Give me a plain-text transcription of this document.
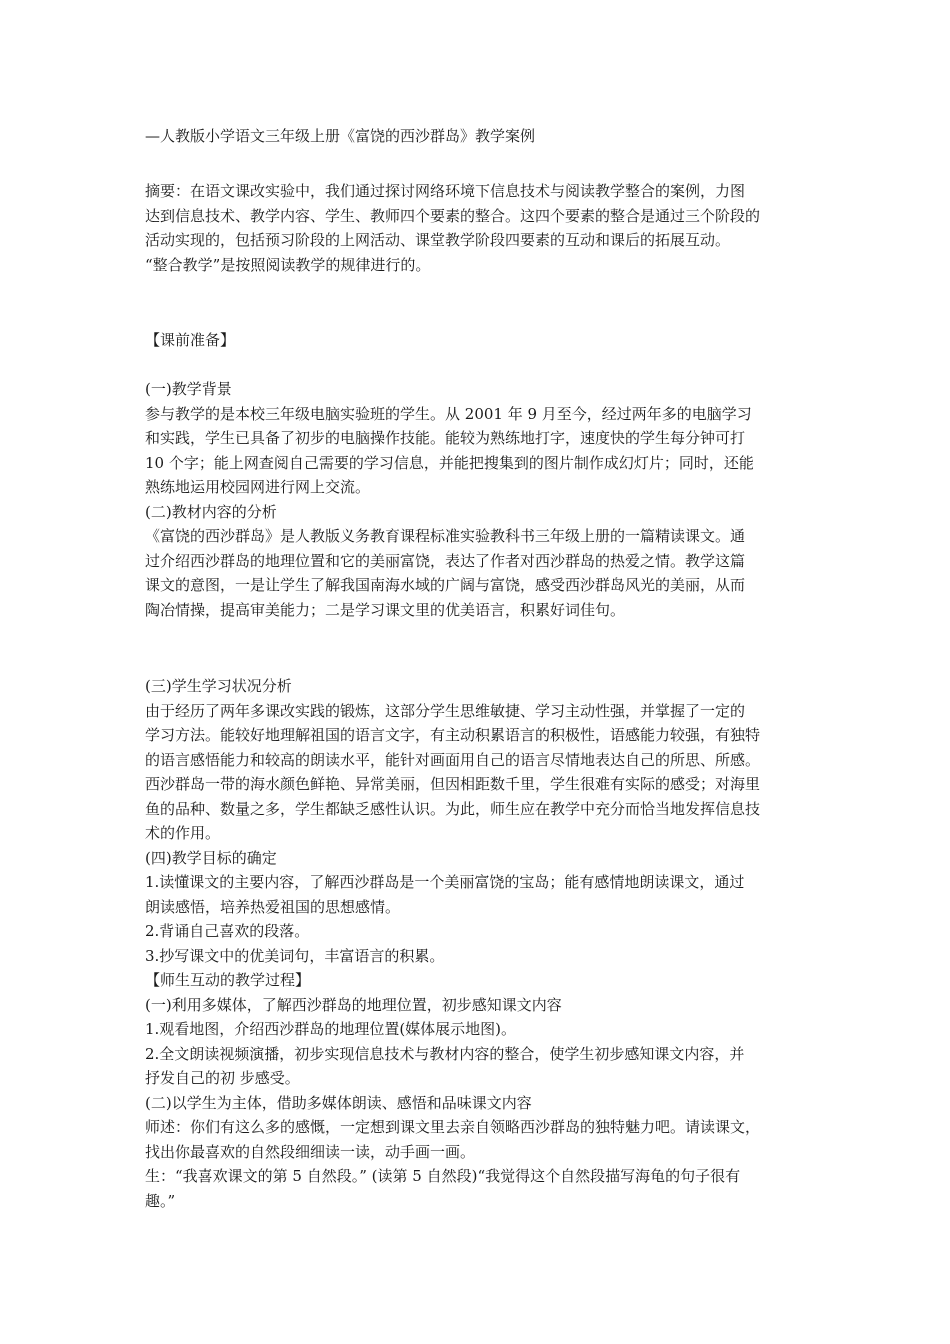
—人教版小学语文三年级上册《富饶的西沙群岛》教学案例
摘要：在语文课改实验中，我们通过探讨网络环境下信息技术与阅读教学整合的案例，力图
达到信息技术、教学内容、学生、教师四个要素的整合。这四个要素的整合是通过三个阶段的
活动实现的，包括预习阶段的上网活动、课堂教学阶段四要素的互动和课后的拓展互动。
“整合教学”是按照阅读教学的规律进行的。
【课前准备】
(一)教学背景
参与教学的是本校三年级电脑实验班的学生。从 2001 年 9 月至今，经过两年多的电脑学习
和实践，学生已具备了初步的电脑操作技能。能较为熟练地打字，速度快的学生每分钟可打
10 个字；能上网查阅自己需要的学习信息，并能把搜集到的图片制作成幻灯片；同时，还能
熟练地运用校园网进行网上交流。
(二)教材内容的分析
《富饶的西沙群岛》是人教版义务教育课程标准实验教科书三年级上册的一篇精读课文。通
过介绍西沙群岛的地理位置和它的美丽富饶，表达了作者对西沙群岛的热爱之情。教学这篇
课文的意图，一是让学生了解我国南海水域的广阔与富饶，感受西沙群岛风光的美丽，从而
陶冶情操，提高审美能力；二是学习课文里的优美语言，积累好词佳句。
(三)学生学习状况分析
由于经历了两年多课改实践的锻炼，这部分学生思维敏捷、学习主动性强，并掌握了一定的
学习方法。能较好地理解祖国的语言文字，有主动积累语言的积极性，语感能力较强，有独特
的语言感悟能力和较高的朗读水平，能针对画面用自己的语言尽情地表达自己的所思、所感。
西沙群岛一带的海水颜色鲜艳、异常美丽，但因相距数千里，学生很难有实际的感受；对海里
鱼的品种、数量之多，学生都缺乏感性认识。为此，师生应在教学中充分而恰当地发挥信息技
术的作用。
(四)教学目标的确定
1.读懂课文的主要内容，了解西沙群岛是一个美丽富饶的宝岛；能有感情地朗读课文，通过
朗读感悟，培养热爱祖国的思想感情。
2.背诵自己喜欢的段落。
3.抄写课文中的优美词句，丰富语言的积累。
【师生互动的教学过程】
(一)利用多媒体，了解西沙群岛的地理位置，初步感知课文内容
1.观看地图，介绍西沙群岛的地理位置(媒体展示地图)。
2.全文朗读视频演播，初步实现信息技术与教材内容的整合，使学生初步感知课文内容，并
抒发自己的初 步感受。
(二)以学生为主体，借助多媒体朗读、感悟和品味课文内容
师述：你们有这么多的感慨，一定想到课文里去亲自领略西沙群岛的独特魅力吧。请读课文，
找出你最喜欢的自然段细细读一读，动手画一画。
生：“我喜欢课文的第 5 自然段。” (读第 5 自然段)“我觉得这个自然段描写海龟的句子很有
趣。”
